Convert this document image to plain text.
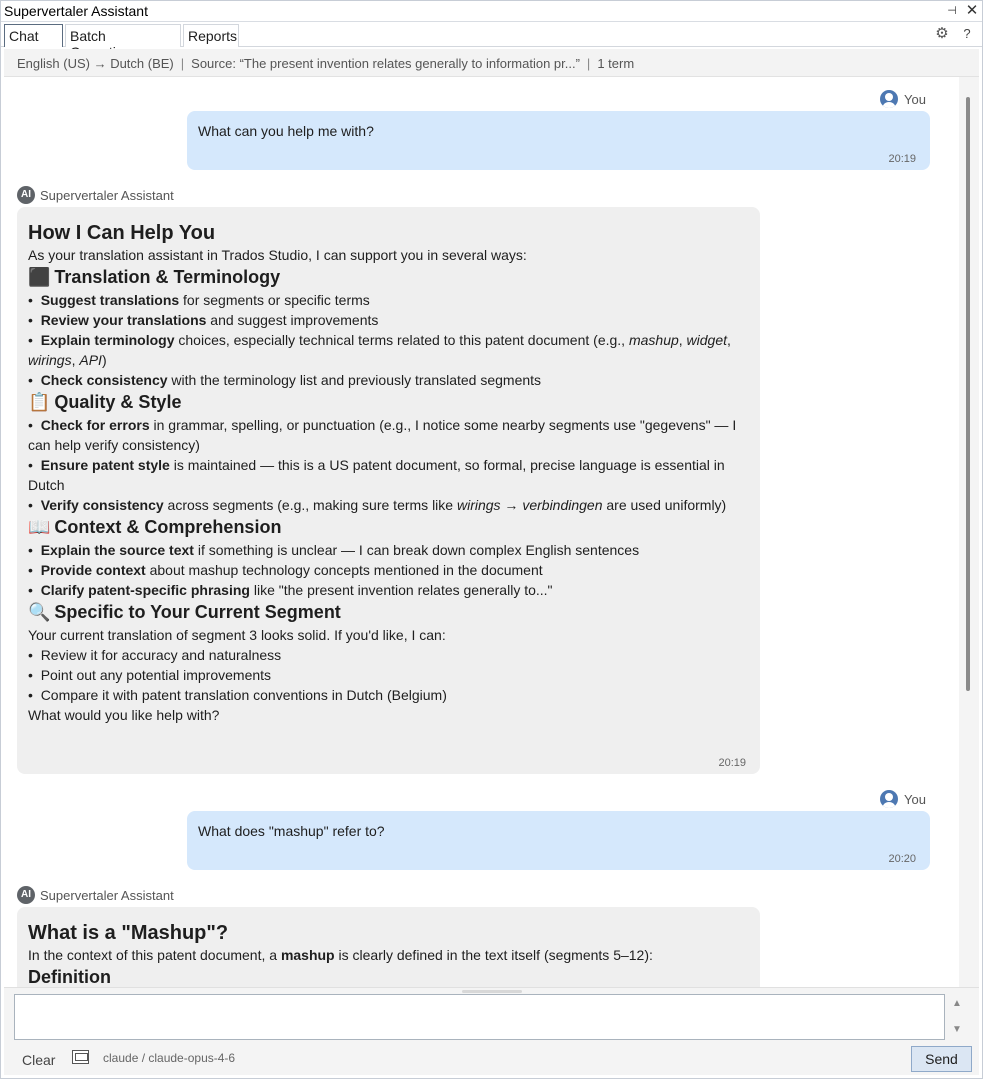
Supervertaler Assistant	⊣ ✕
Chat	Batch	Reports	⚙	?
English (US) → Dutch (BE) | Source: “The present invention relates generally to information pr...” | 1 term
You
What can you help me with?
20:19
AI Supervertaler Assistant
How I Can Help You

As your translation assistant in Trados Studio, I can support you in several ways:

⬛ Translation & Terminology
•  Suggest translations for segments or specific terms
•  Review your translations and suggest improvements
•  Explain terminology choices, especially technical terms related to this patent document (e.g., mashup, widget, wirings, API)
•  Check consistency with the terminology list and previously translated segments
📋 Quality & Style
•  Check for errors in grammar, spelling, or punctuation (e.g., I notice some nearby segments use "gegevens" — I can help verify consistency)
•  Ensure patent style is maintained — this is a US patent document, so formal, precise language is essential in Dutch
•  Verify consistency across segments (e.g., making sure terms like wirings → verbindingen are used uniformly)
📖 Context & Comprehension
•  Explain the source text if something is unclear — I can break down complex English sentences
•  Provide context about mashup technology concepts mentioned in the document
•  Clarify patent-specific phrasing like "the present invention relates generally to..."
🔍 Specific to Your Current Segment

Your current translation of segment 3 looks solid. If you'd like, I can:

•  Review it for accuracy and naturalness
•  Point out any potential improvements
•  Compare it with patent translation conventions in Dutch (Belgium)

What would you like help with?

20:19
You
What does "mashup" refer to?
20:20
AI Supervertaler Assistant
What is a "Mashup"?

In the context of this patent document, a mashup is clearly defined in the text itself (segments 5–12):

Definition
▲
▼
Clear	claude / claude-opus-4-6	Send
